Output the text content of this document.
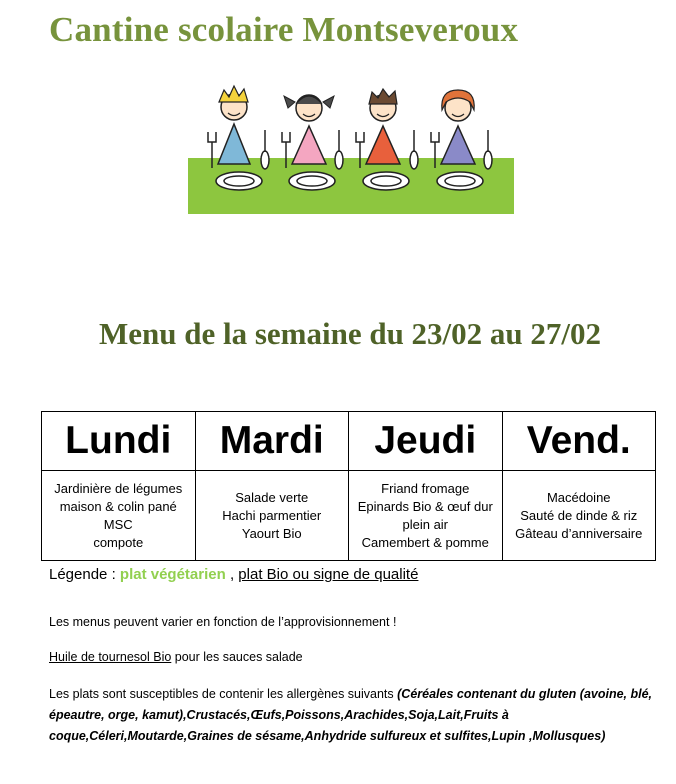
Cantine scolaire Montseveroux
Menu de la semaine du 23/02 au 27/02
Lundi	Mardi	Jeudi	Vend.

Jardinière de légumes
maison & colin pané
MSC
compote	Salade verte
Hachi parmentier
Yaourt Bio	Friand fromage
Epinards Bio & œuf dur
plein air
Camembert & pomme	Macédoine
Sauté de dinde & riz
Gâteau d’anniversaire
Légende : plat végétarien , plat Bio ou signe de qualité
Les menus peuvent varier en fonction de l’approvisionnement !
Huile de tournesol Bio pour les sauces salade
Les plats sont susceptibles de contenir les allergènes suivants (Céréales contenant du gluten (avoine, blé, épeautre, orge, kamut),Crustacés,Œufs,Poissons,Arachides,Soja,Lait,Fruits à coque,Céleri,Moutarde,Graines de sésame,Anhydride sulfureux et sulfites,Lupin ,Mollusques)
